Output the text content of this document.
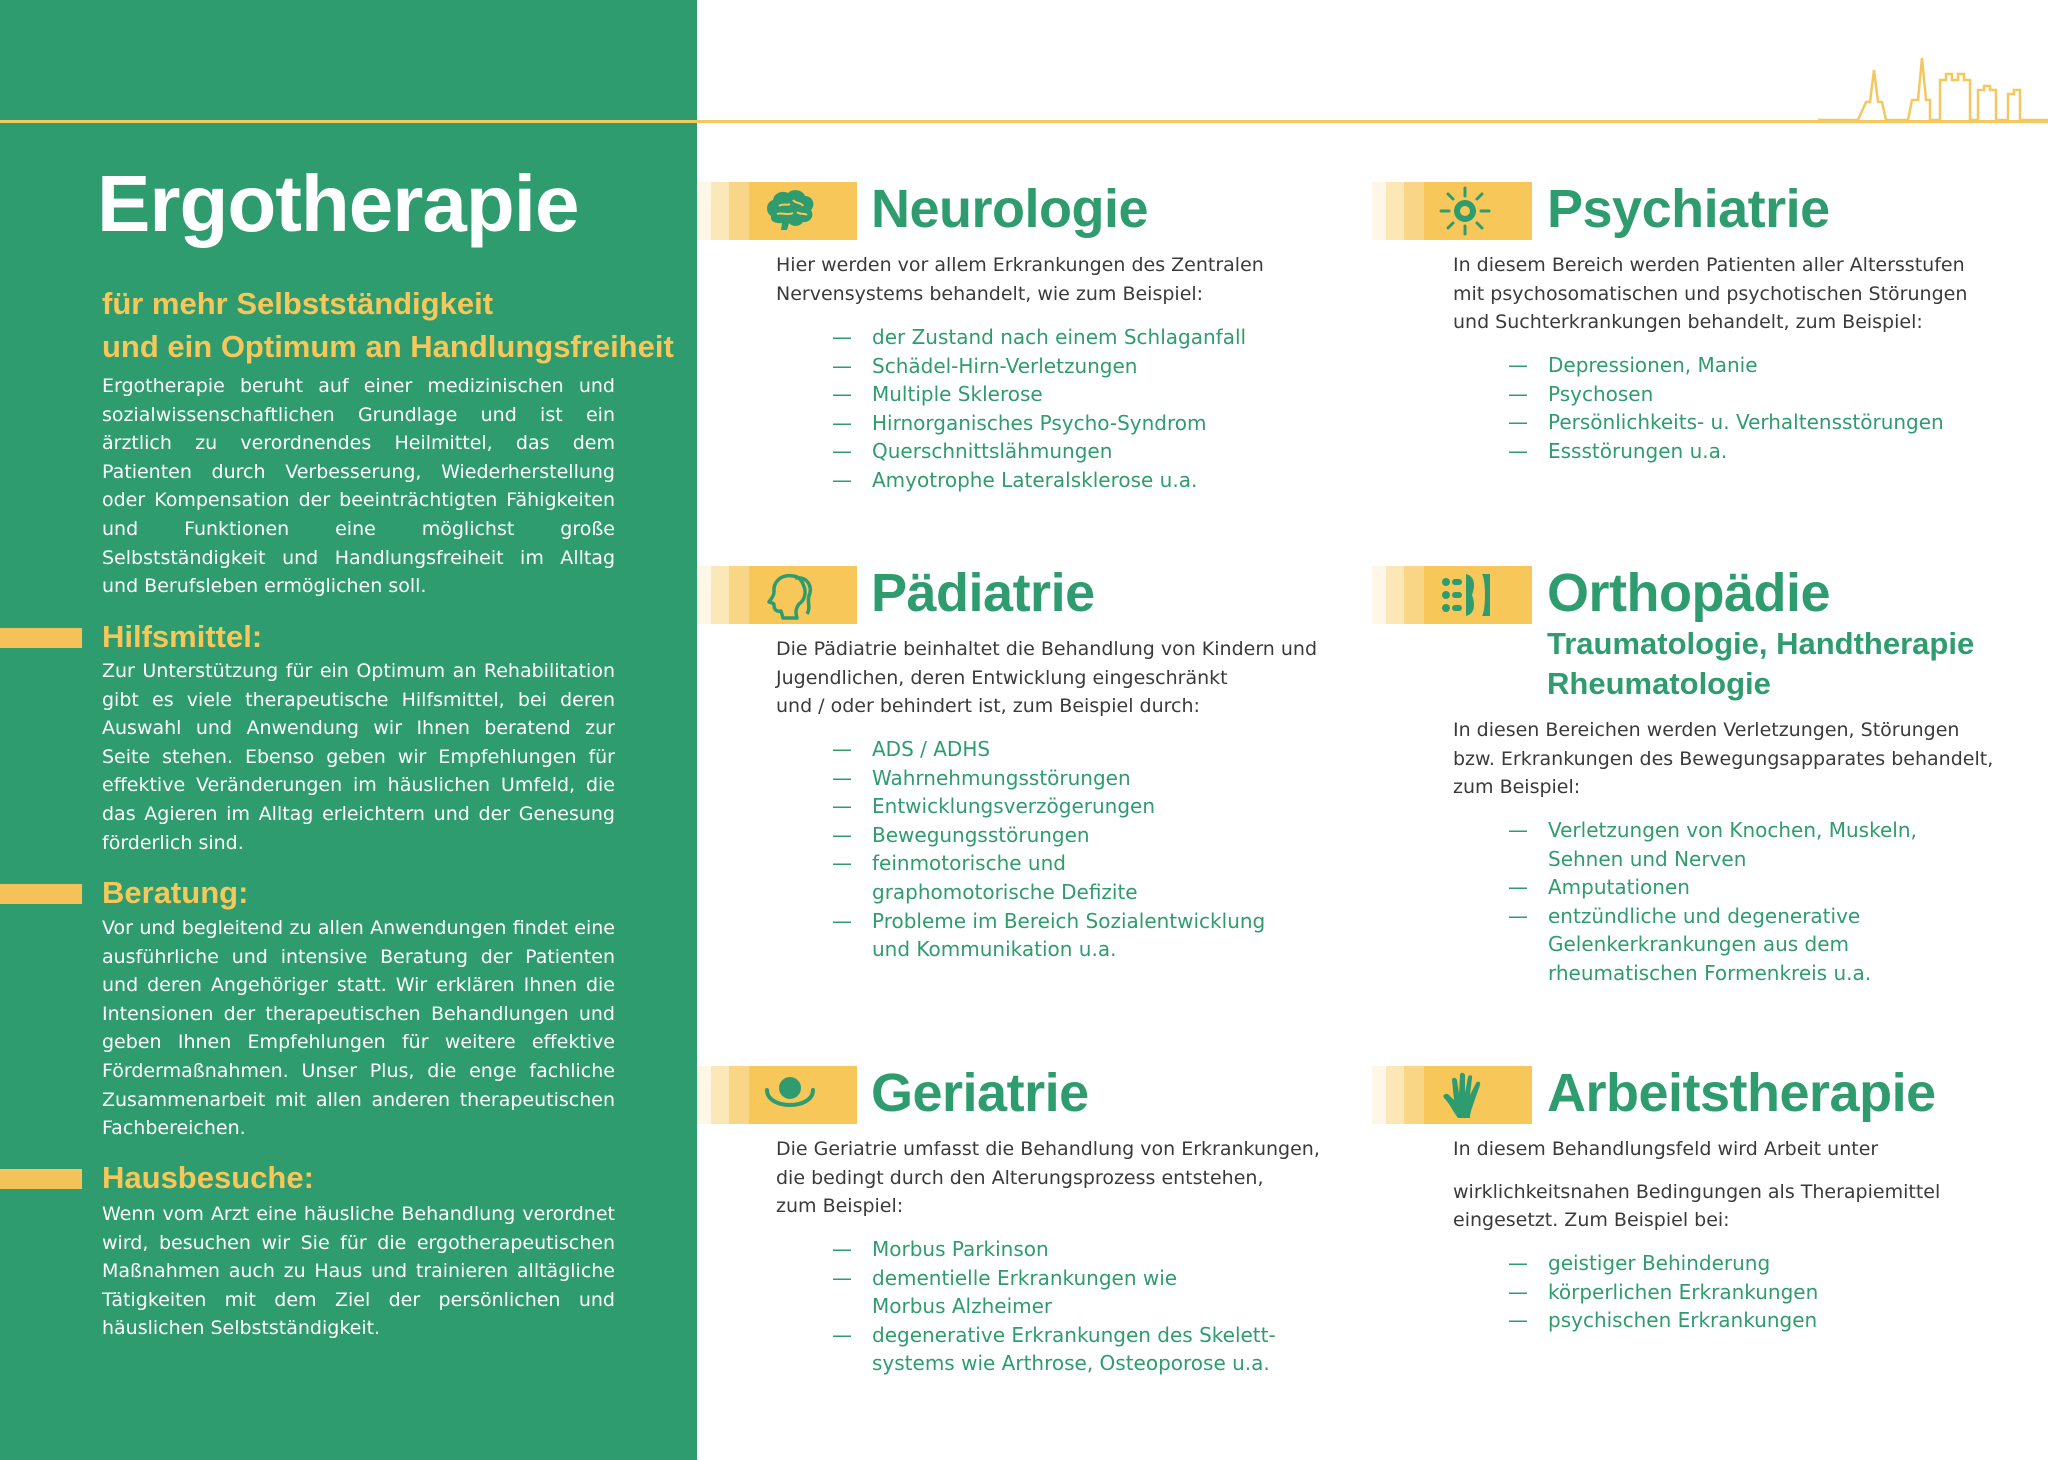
Ergotherapie
für mehr Selbstständigkeit
und ein Optimum an Handlungsfreiheit

Ergotherapie beruht auf einer medizinischen und sozialwissenschaftlichen Grundlage und ist ein ärztlich zu verordnendes Heilmittel, das dem Patienten durch Verbesserung, Wiederherstellung oder Kompensation der beeinträchtigten Fähigkeiten und Funktionen eine möglichst große Selbstständigkeit und Handlungsfreiheit im Alltag und Berufsleben ermöglichen soll.

Hilfsmittel:

Zur Unterstützung für ein Optimum an Rehabilitation gibt es viele therapeutische Hilfsmittel, bei deren Auswahl und Anwendung wir Ihnen beratend zur Seite stehen. Ebenso geben wir Empfehlungen für effektive Veränderungen im häuslichen Umfeld, die das Agieren im Alltag erleichtern und der Genesung förderlich sind.

Beratung:

Vor und begleitend zu allen Anwendungen findet eine ausführliche und intensive Beratung der Patienten und deren Angehöriger statt. Wir erklären Ihnen die Intensionen der therapeutischen Behandlungen und geben Ihnen Empfehlungen für weitere effektive Fördermaßnahmen. Unser Plus, die enge fachliche Zusammenarbeit mit allen anderen therapeutischen Fachbereichen.

Hausbesuche:

Wenn vom Arzt eine häusliche Behandlung verordnet wird, besuchen wir Sie für die ergotherapeutischen Maßnahmen auch zu Haus und trainieren alltägliche Tätigkeiten mit dem Ziel der persönlichen und häuslichen Selbstständigkeit.

Neurologie
Hier werden vor allem Erkrankungen des Zentralen
Nervensystems behandelt, wie zum Beispiel:
— der Zustand nach einem Schlaganfall
— Schädel-Hirn-Verletzungen
— Multiple Sklerose
— Hirnorganisches Psycho-Syndrom
— Querschnittslähmungen
— Amyotrophe Lateralsklerose u.a.
Psychiatrie
In diesem Bereich werden Patienten aller Altersstufen
mit psychosomatischen und psychotischen Störungen
und Suchterkrankungen behandelt, zum Beispiel:
— Depressionen, Manie
— Psychosen
— Persönlichkeits- u. Verhaltensstörungen
— Essstörungen u.a.
Pädiatrie
Die Pädiatrie beinhaltet die Behandlung von Kindern und
Jugendlichen, deren Entwicklung eingeschränkt
und / oder behindert ist, zum Beispiel durch:
— ADS / ADHS
— Wahrnehmungsstörungen
— Entwicklungsverzögerungen
— Bewegungsstörungen
— feinmotorische und
graphomotorische Defizite
— Probleme im Bereich Sozialentwicklung
und Kommunikation u.a.
Orthopädie
Traumatologie, Handtherapie
Rheumatologie
In diesen Bereichen werden Verletzungen, Störungen
bzw. Erkrankungen des Bewegungsapparates behandelt,
zum Beispiel:
— Verletzungen von Knochen, Muskeln,
Sehnen und Nerven
— Amputationen
— entzündliche und degenerative
Gelenkerkrankungen aus dem
rheumatischen Formenkreis u.a.
Geriatrie
Die Geriatrie umfasst die Behandlung von Erkrankungen,
die bedingt durch den Alterungsprozess entstehen,
zum Beispiel:
— Morbus Parkinson
— dementielle Erkrankungen wie
Morbus Alzheimer
— degenerative Erkrankungen des Skelett-
systems wie Arthrose, Osteoporose u.a.
Arbeitstherapie
In diesem Behandlungsfeld wird Arbeit unter
wirklichkeitsnahen Bedingungen als Therapiemittel
eingesetzt. Zum Beispiel bei:
— geistiger Behinderung
— körperlichen Erkrankungen
— psychischen Erkrankungen
